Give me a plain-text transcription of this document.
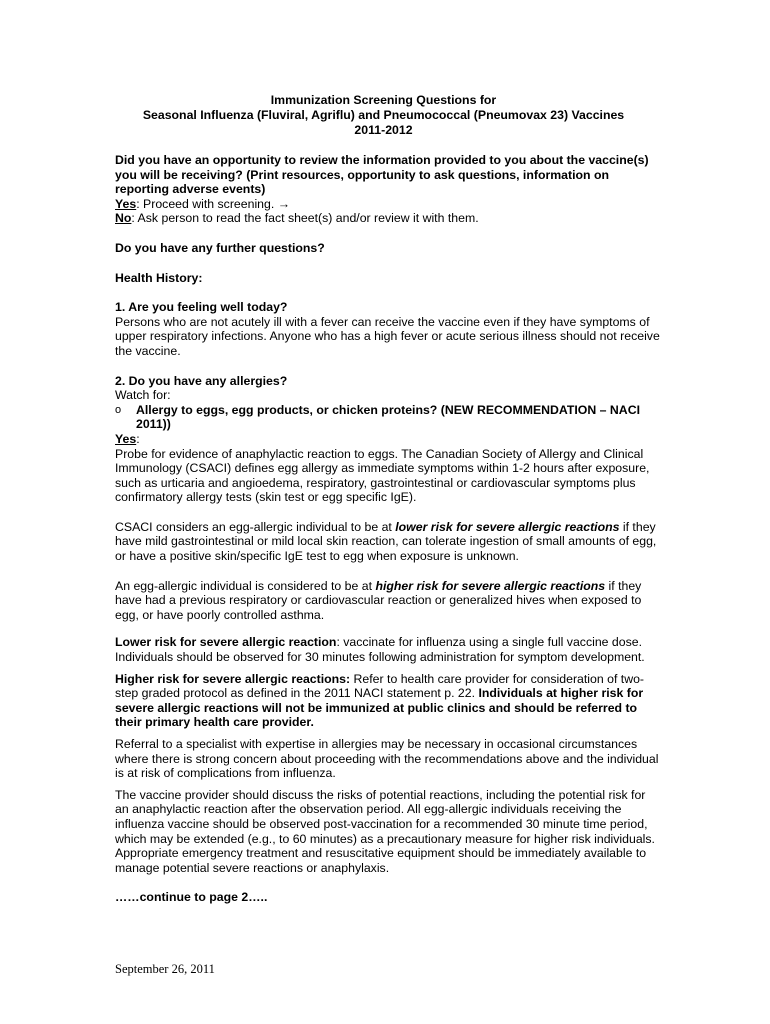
Immunization Screening Questions for
Seasonal Influenza (Fluviral, Agriflu) and Pneumococcal (Pneumovax 23) Vaccines
2011-2012

Did you have an opportunity to review the information provided to you about the vaccine(s) you will be receiving? (Print resources, opportunity to ask questions, information on reporting adverse events)

Yes: Proceed with screening. →

No: Ask person to read the fact sheet(s) and/or review it with them.

Do you have any further questions?

Health History:

1. Are you feeling well today?

Persons who are not acutely ill with a fever can receive the vaccine even if they have symptoms of upper respiratory infections. Anyone who has a high fever or acute serious illness should not receive the vaccine.

2. Do you have any allergies?

Watch for:

o	Allergy to eggs, egg products, or chicken proteins? (NEW RECOMMENDATION – NACI 2011))

Yes:

Probe for evidence of anaphylactic reaction to eggs. The Canadian Society of Allergy and Clinical Immunology (CSACI) defines egg allergy as immediate symptoms within 1-2 hours after exposure, such as urticaria and angioedema, respiratory, gastrointestinal or cardiovascular symptoms plus confirmatory allergy tests (skin test or egg specific IgE).

CSACI considers an egg-allergic individual to be at lower risk for severe allergic reactions if they have mild gastrointestinal or mild local skin reaction, can tolerate ingestion of small amounts of egg, or have a positive skin/specific IgE test to egg when exposure is unknown.

An egg-allergic individual is considered to be at higher risk for severe allergic reactions if they have had a previous respiratory or cardiovascular reaction or generalized hives when exposed to egg, or have poorly controlled asthma.

Lower risk for severe allergic reaction: vaccinate for influenza using a single full vaccine dose. Individuals should be observed for 30 minutes following administration for symptom development.

Higher risk for severe allergic reactions: Refer to health care provider for consideration of two-step graded protocol as defined in the 2011 NACI statement p. 22. Individuals at higher risk for severe allergic reactions will not be immunized at public clinics and should be referred to their primary health care provider.

Referral to a specialist with expertise in allergies may be necessary in occasional circumstances where there is strong concern about proceeding with the recommendations above and the individual is at risk of complications from influenza.

The vaccine provider should discuss the risks of potential reactions, including the potential risk for an anaphylactic reaction after the observation period. All egg-allergic individuals receiving the influenza vaccine should be observed post-vaccination for a recommended 30 minute time period, which may be extended (e.g., to 60 minutes) as a precautionary measure for higher risk individuals. Appropriate emergency treatment and resuscitative equipment should be immediately available to manage potential severe reactions or anaphylaxis.

……continue to page 2…..

September 26, 2011
